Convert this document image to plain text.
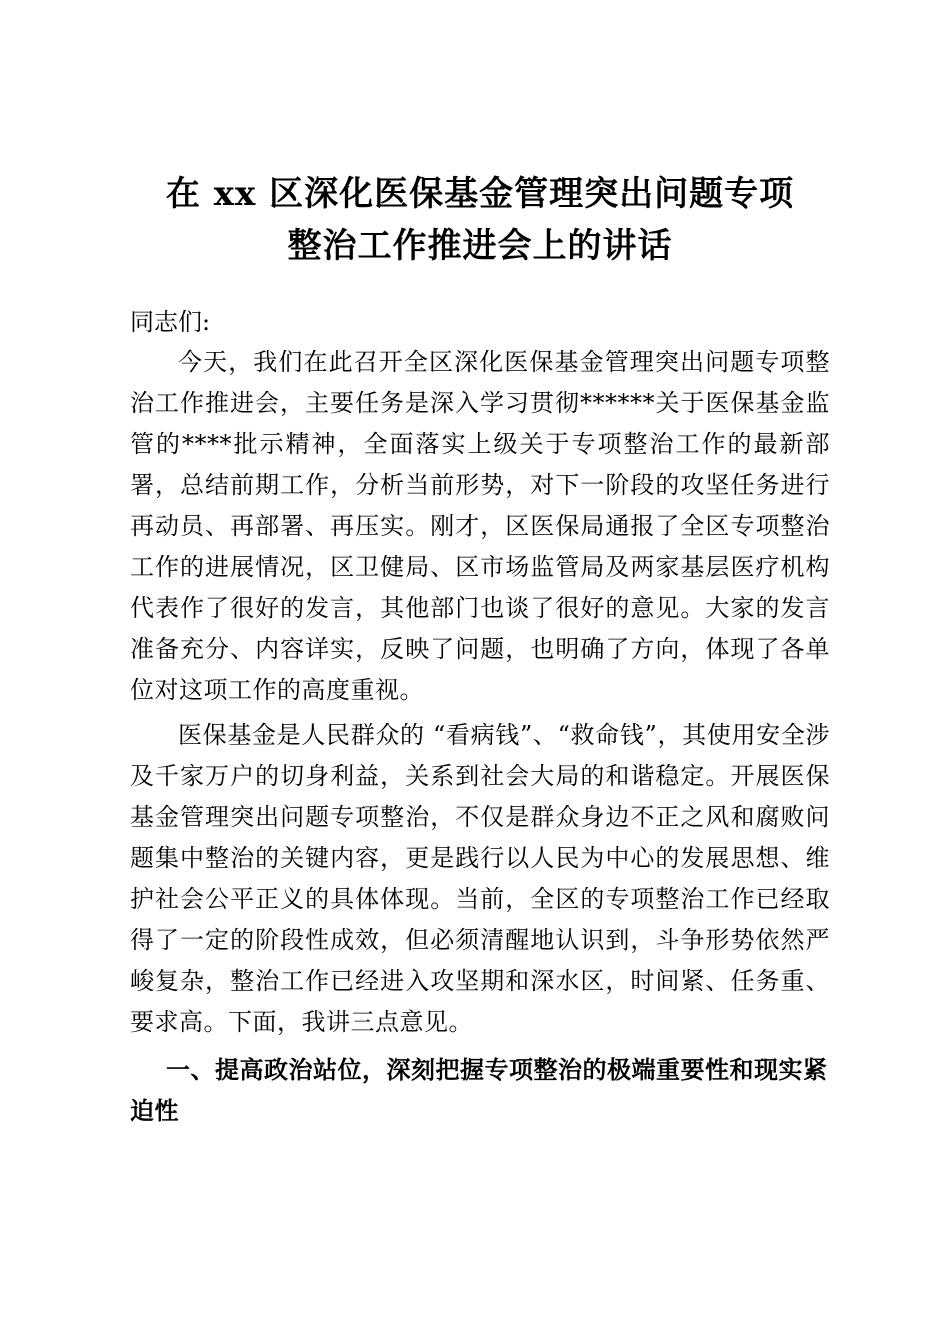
在 xx 区深化医保基金管理突出问题专项
整治工作推进会上的讲话

同志们:

今天，我们在此召开全区深化医保基金管理突出问题专项整治工作推进会，主要任务是深入学习贯彻******关于医保基金监管的****批示精神，全面落实上级关于专项整治工作的最新部署，总结前期工作，分析当前形势，对下一阶段的攻坚任务进行再动员、再部署、再压实。刚才，区医保局通报了全区专项整治工作的进展情况，区卫健局、区市场监管局及两家基层医疗机构代表作了很好的发言，其他部门也谈了很好的意见。大家的发言准备充分、内容详实，反映了问题，也明确了方向，体现了各单位对这项工作的高度重视。

医保基金是人民群众的 “看病钱”、“救命钱”，其使用安全涉及千家万户的切身利益，关系到社会大局的和谐稳定。开展医保基金管理突出问题专项整治，不仅是群众身边不正之风和腐败问题集中整治的关键内容，更是践行以人民为中心的发展思想、维护社会公平正义的具体体现。当前，全区的专项整治工作已经取得了一定的阶段性成效，但必须清醒地认识到，斗争形势依然严峻复杂，整治工作已经进入攻坚期和深水区，时间紧、任务重、要求高。下面，我讲三点意见。

一、提高政治站位，深刻把握专项整治的极端重要性和现实紧迫性
